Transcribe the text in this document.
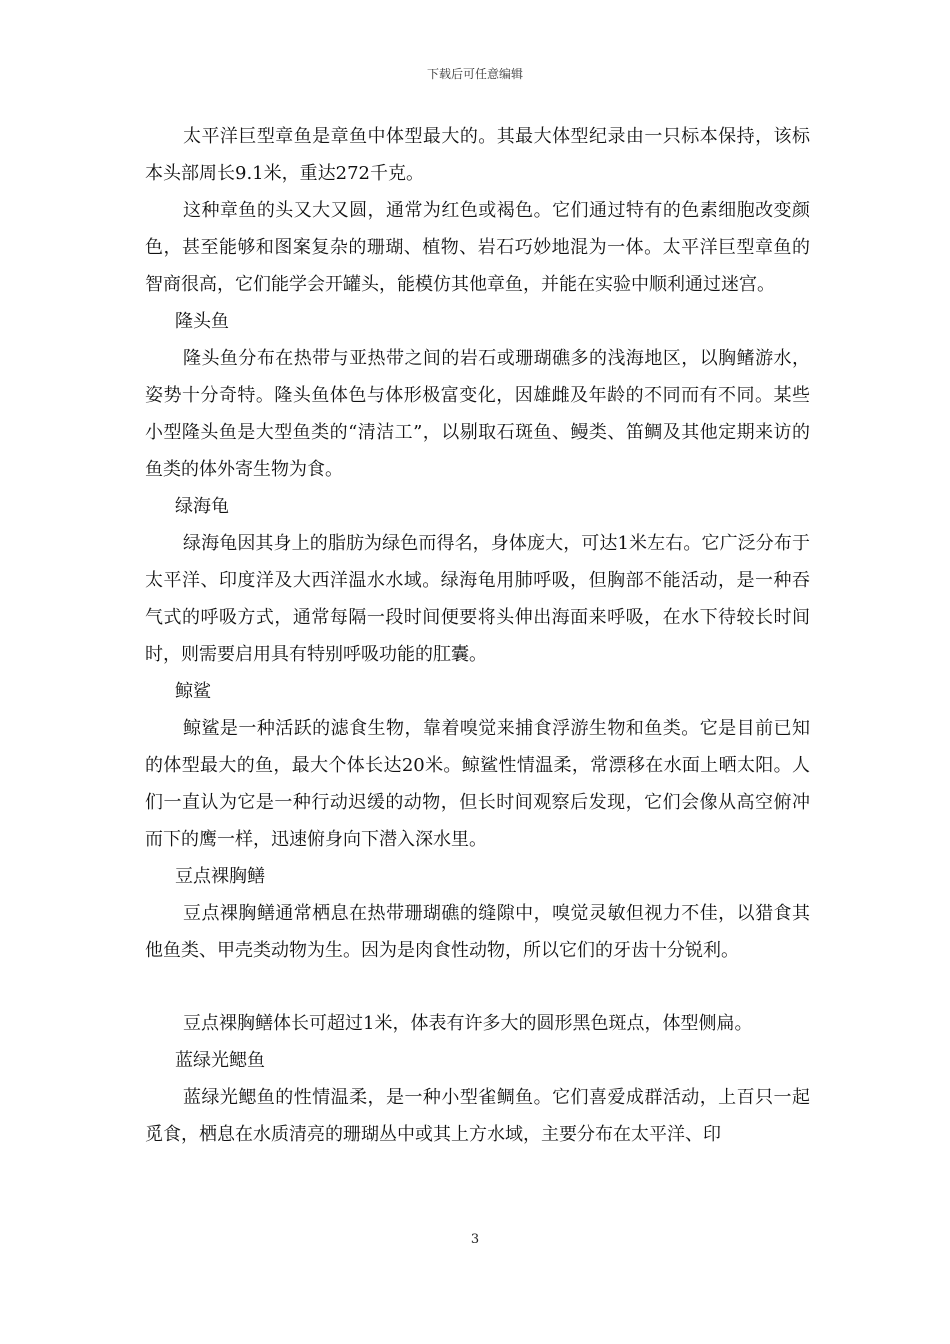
下载后可任意编辑

太平洋巨型章鱼是章鱼中体型最大的。其最大体型纪录由一只标本保持，该标本头部周长9.1米，重达272千克。

这种章鱼的头又大又圆，通常为红色或褐色。它们通过特有的色素细胞改变颜色，甚至能够和图案复杂的珊瑚、植物、岩石巧妙地混为一体。太平洋巨型章鱼的智商很高，它们能学会开罐头，能模仿其他章鱼，并能在实验中顺利通过迷宫。

隆头鱼

隆头鱼分布在热带与亚热带之间的岩石或珊瑚礁多的浅海地区，以胸鳍游水，姿势十分奇特。隆头鱼体色与体形极富变化，因雄雌及年龄的不同而有不同。某些小型隆头鱼是大型鱼类的“清洁工”，以剔取石斑鱼、鳗类、笛鲷及其他定期来访的鱼类的体外寄生物为食。

绿海龟

绿海龟因其身上的脂肪为绿色而得名，身体庞大，可达1米左右。它广泛分布于太平洋、印度洋及大西洋温水水域。绿海龟用肺呼吸，但胸部不能活动，是一种吞气式的呼吸方式，通常每隔一段时间便要将头伸出海面来呼吸，在水下待较长时间时，则需要启用具有特别呼吸功能的肛囊。

鲸鲨

鲸鲨是一种活跃的滤食生物，靠着嗅觉来捕食浮游生物和鱼类。它是目前已知的体型最大的鱼，最大个体长达20米。鲸鲨性情温柔，常漂移在水面上晒太阳。人们一直认为它是一种行动迟缓的动物，但长时间观察后发现，它们会像从高空俯冲而下的鹰一样，迅速俯身向下潜入深水里。

豆点裸胸鳝

豆点裸胸鳝通常栖息在热带珊瑚礁的缝隙中，嗅觉灵敏但视力不佳，以猎食其他鱼类、甲壳类动物为生。因为是肉食性动物，所以它们的牙齿十分锐利。

豆点裸胸鳝体长可超过1米，体表有许多大的圆形黑色斑点，体型侧扁。

蓝绿光鳃鱼

蓝绿光鳃鱼的性情温柔，是一种小型雀鲷鱼。它们喜爱成群活动，上百只一起觅食，栖息在水质清亮的珊瑚丛中或其上方水域，主要分布在太平洋、印

3
